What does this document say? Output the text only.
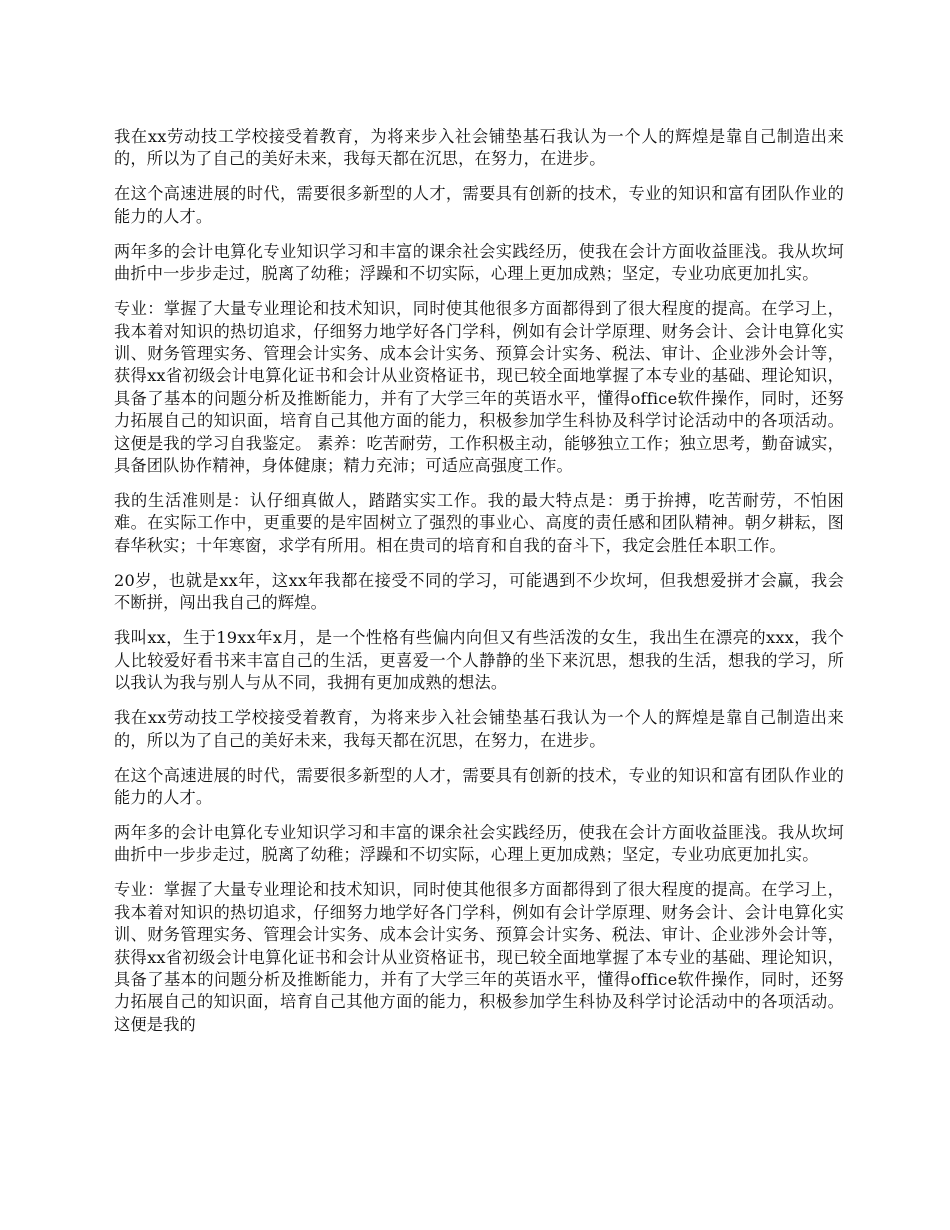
我在xx劳动技工学校接受着教育，为将来步入社会铺垫基石我认为一个人的辉煌是靠自己制造出来的，所以为了自己的美好未来，我每天都在沉思，在努力，在进步。

在这个高速进展的时代，需要很多新型的人才，需要具有创新的技术，专业的知识和富有团队作业的能力的人才。

两年多的会计电算化专业知识学习和丰富的课余社会实践经历，使我在会计方面收益匪浅。我从坎坷曲折中一步步走过，脱离了幼稚；浮躁和不切实际，心理上更加成熟；坚定，专业功底更加扎实。

专业：掌握了大量专业理论和技术知识，同时使其他很多方面都得到了很大程度的提高。在学习上，我本着对知识的热切追求，仔细努力地学好各门学科，例如有会计学原理、财务会计、会计电算化实训、财务管理实务、管理会计实务、成本会计实务、预算会计实务、税法、审计、企业涉外会计等，获得xx省初级会计电算化证书和会计从业资格证书，现已较全面地掌握了本专业的基础、理论知识，具备了基本的问题分析及推断能力，并有了大学三年的英语水平，懂得office软件操作，同时，还努力拓展自己的知识面，培育自己其他方面的能力，积极参加学生科协及科学讨论活动中的各项活动。这便是我的学习自我鉴定。 素养：吃苦耐劳，工作积极主动，能够独立工作；独立思考，勤奋诚实，具备团队协作精神，身体健康；精力充沛；可适应高强度工作。

我的生活准则是：认仔细真做人，踏踏实实工作。我的最大特点是：勇于拚搏，吃苦耐劳，不怕困难。在实际工作中，更重要的是牢固树立了强烈的事业心、高度的责任感和团队精神。朝夕耕耘，图春华秋实；十年寒窗，求学有所用。相在贵司的培育和自我的奋斗下，我定会胜任本职工作。

20岁，也就是xx年，这xx年我都在接受不同的学习，可能遇到不少坎坷，但我想爱拼才会赢，我会不断拼，闯出我自己的辉煌。

我叫xx，生于19xx年x月，是一个性格有些偏内向但又有些活泼的女生，我出生在漂亮的xxx，我个人比较爱好看书来丰富自己的生活，更喜爱一个人静静的坐下来沉思，想我的生活，想我的学习，所以我认为我与别人与从不同，我拥有更加成熟的想法。

我在xx劳动技工学校接受着教育，为将来步入社会铺垫基石我认为一个人的辉煌是靠自己制造出来的，所以为了自己的美好未来，我每天都在沉思，在努力，在进步。

在这个高速进展的时代，需要很多新型的人才，需要具有创新的技术，专业的知识和富有团队作业的能力的人才。

两年多的会计电算化专业知识学习和丰富的课余社会实践经历，使我在会计方面收益匪浅。我从坎坷曲折中一步步走过，脱离了幼稚；浮躁和不切实际，心理上更加成熟；坚定，专业功底更加扎实。

专业：掌握了大量专业理论和技术知识，同时使其他很多方面都得到了很大程度的提高。在学习上，我本着对知识的热切追求，仔细努力地学好各门学科，例如有会计学原理、财务会计、会计电算化实训、财务管理实务、管理会计实务、成本会计实务、预算会计实务、税法、审计、企业涉外会计等，获得xx省初级会计电算化证书和会计从业资格证书，现已较全面地掌握了本专业的基础、理论知识，具备了基本的问题分析及推断能力，并有了大学三年的英语水平，懂得office软件操作，同时，还努力拓展自己的知识面，培育自己其他方面的能力，积极参加学生科协及科学讨论活动中的各项活动。这便是我的
